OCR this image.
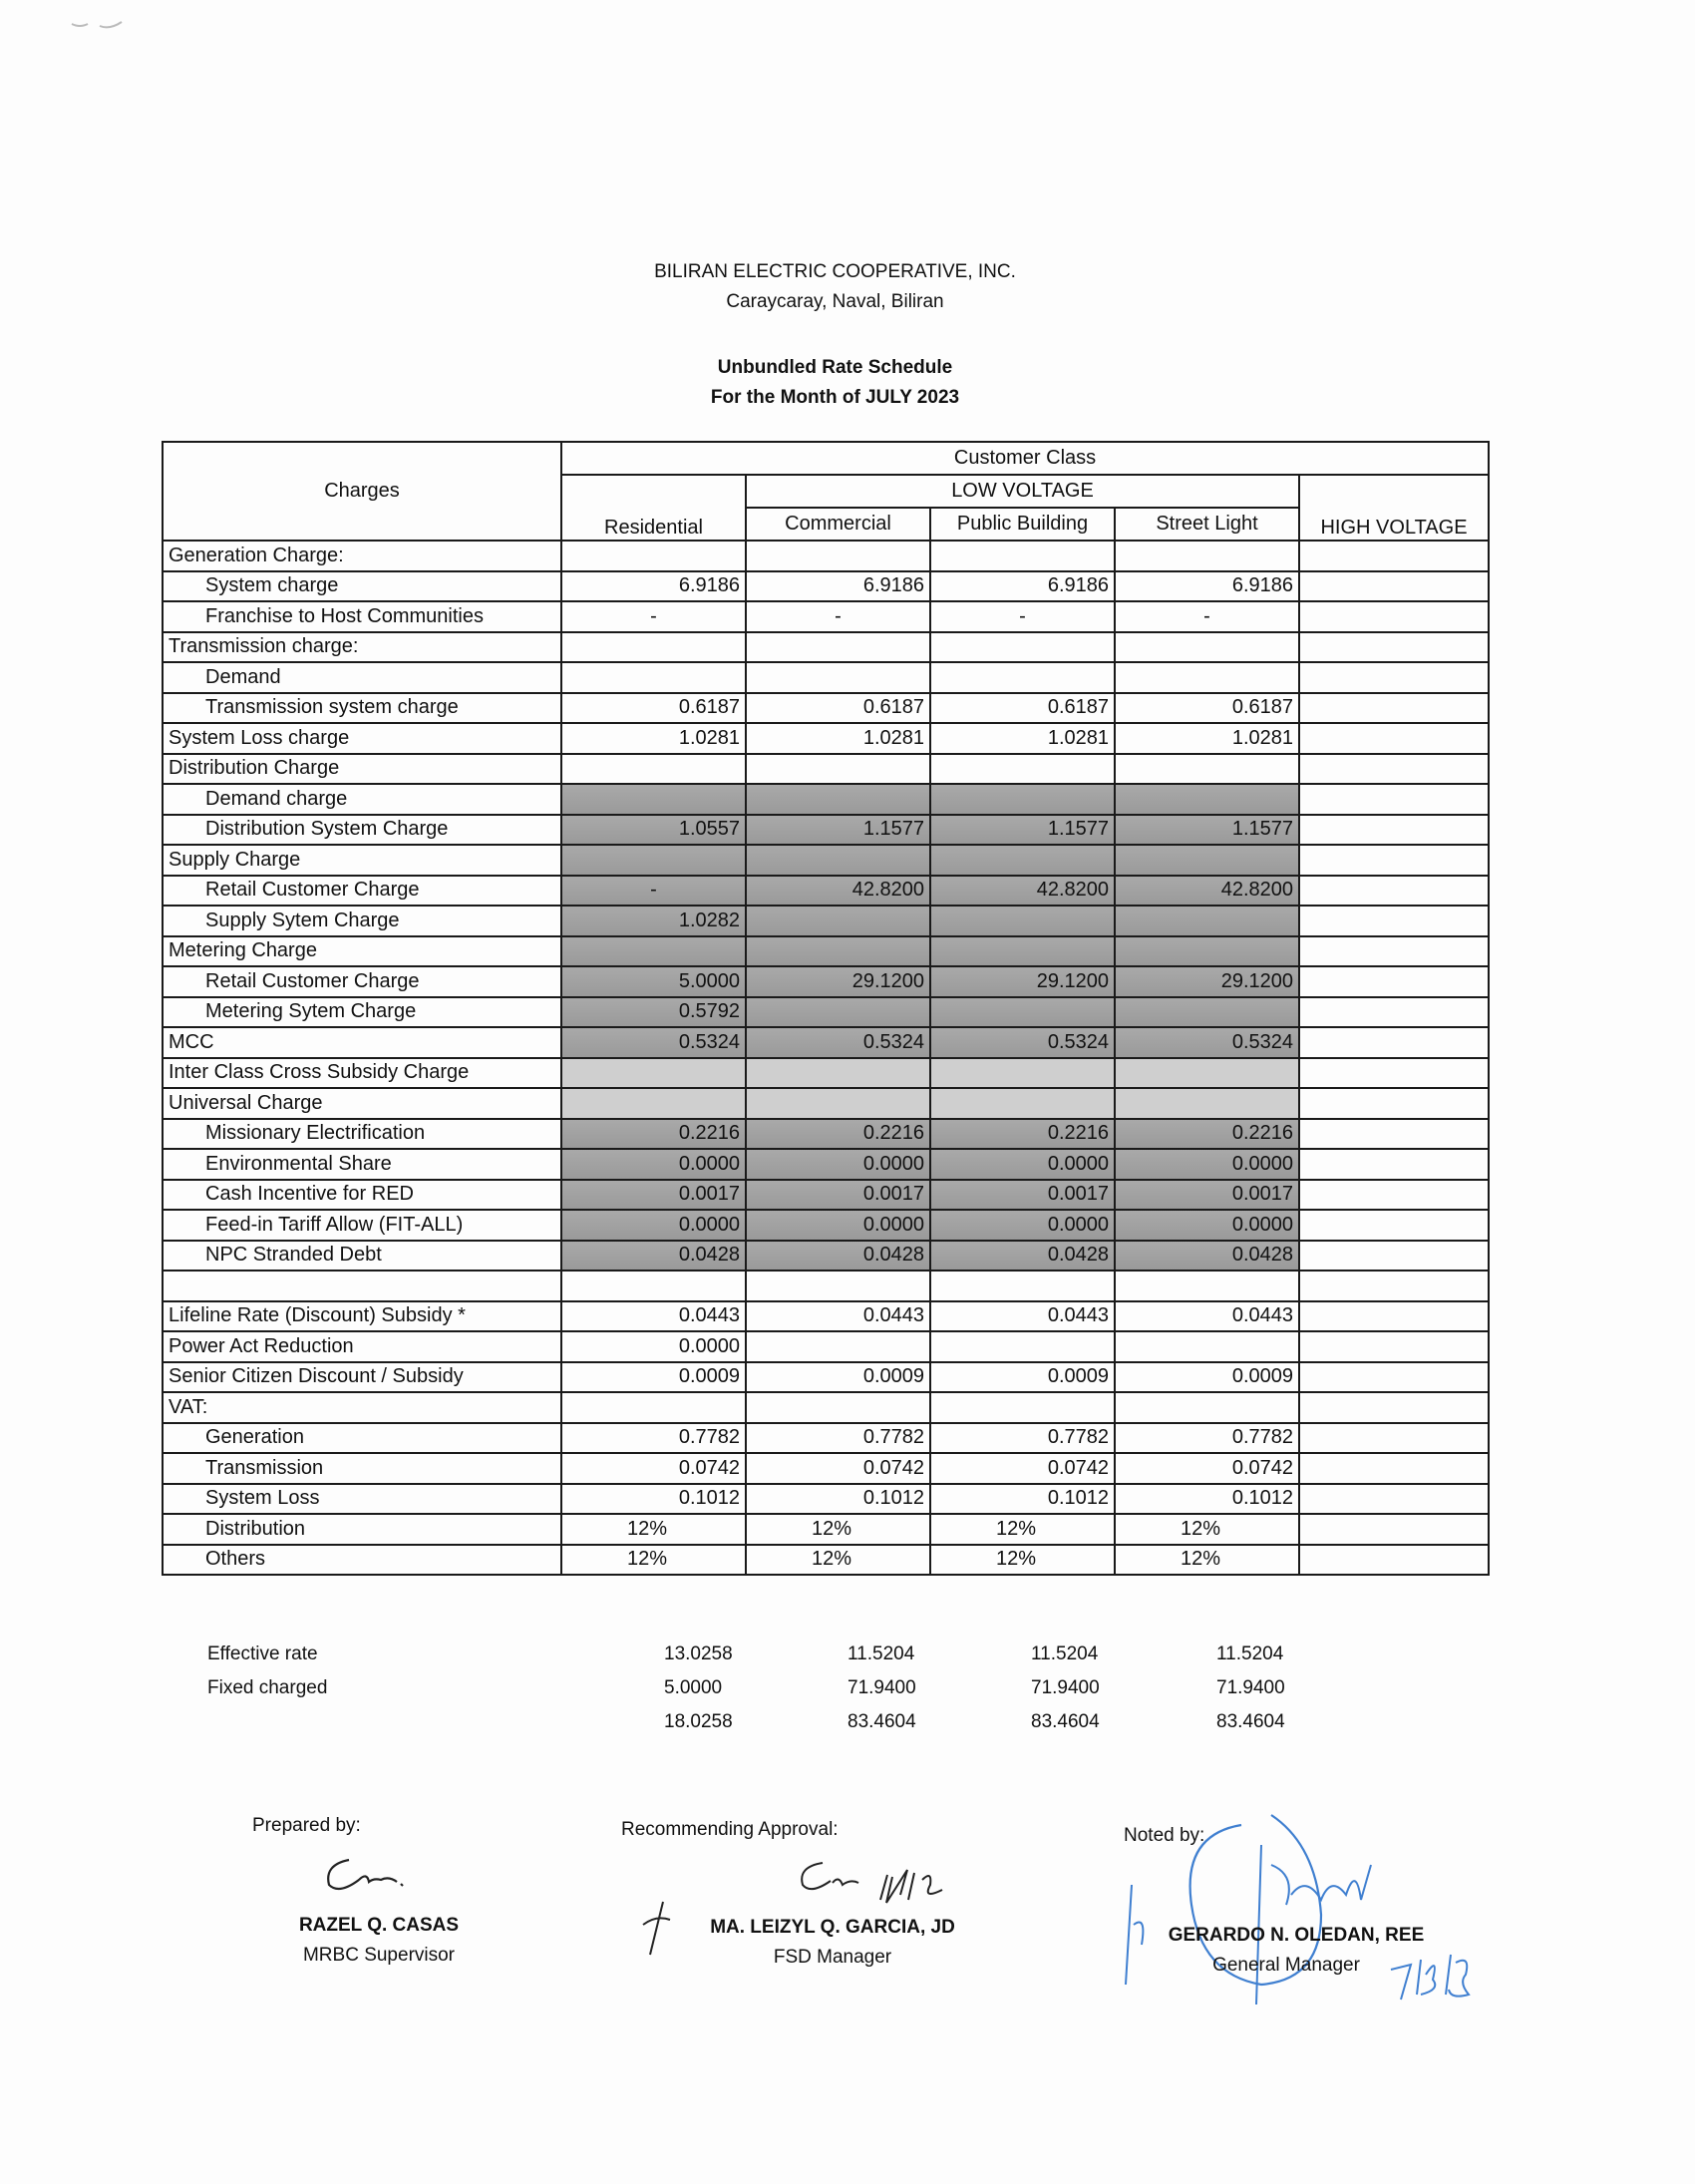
BILIRAN ELECTRIC COOPERATIVE, INC.
Caraycaray, Naval, Biliran
Unbundled Rate Schedule
For the Month of JULY 2023
Charges	Customer Class				
	Residential	LOW VOLTAGE			HIGH VOLTAGE
		Commercial	Public Building	Street Light	
Generation Charge:					
System charge	6.9186	6.9186	6.9186	6.9186	
Franchise to Host Communities	-	-	-	-	
Transmission charge:					
Demand					
Transmission system charge	0.6187	0.6187	0.6187	0.6187	
System Loss charge	1.0281	1.0281	1.0281	1.0281	
Distribution Charge					
Demand charge					
Distribution System Charge	1.0557	1.1577	1.1577	1.1577	
Supply Charge					
Retail Customer Charge	-	42.8200	42.8200	42.8200	
Supply Sytem Charge	1.0282				
Metering Charge					
Retail Customer Charge	5.0000	29.1200	29.1200	29.1200	
Metering Sytem Charge	0.5792				
MCC	0.5324	0.5324	0.5324	0.5324	
Inter Class Cross Subsidy Charge					
Universal Charge					
Missionary Electrification	0.2216	0.2216	0.2216	0.2216	
Environmental Share	0.0000	0.0000	0.0000	0.0000	
Cash Incentive for RED	0.0017	0.0017	0.0017	0.0017	
Feed-in Tariff Allow (FIT-ALL)	0.0000	0.0000	0.0000	0.0000	
NPC Stranded Debt	0.0428	0.0428	0.0428	0.0428	

Lifeline Rate (Discount) Subsidy *	0.0443	0.0443	0.0443	0.0443	
Power Act Reduction	0.0000				
Senior Citizen Discount / Subsidy	0.0009	0.0009	0.0009	0.0009	
VAT:					
Generation	0.7782	0.7782	0.7782	0.7782	
Transmission	0.0742	0.0742	0.0742	0.0742	
System Loss	0.1012	0.1012	0.1012	0.1012	
Distribution	12%	12%	12%	12%	
Others	12%	12%	12%	12%	
Effective rate	13.0258	11.5204	11.5204	11.5204
Fixed charged	5.0000	71.9400	71.9400	71.9400
18.0258	83.4604	83.4604	83.4604
Prepared by:
RAZEL Q. CASAS
MRBC Supervisor
Recommending Approval:
MA. LEIZYL Q. GARCIA, JD
FSD Manager
Noted by:
GERARDO N. OLEDAN, REE
General Manager
